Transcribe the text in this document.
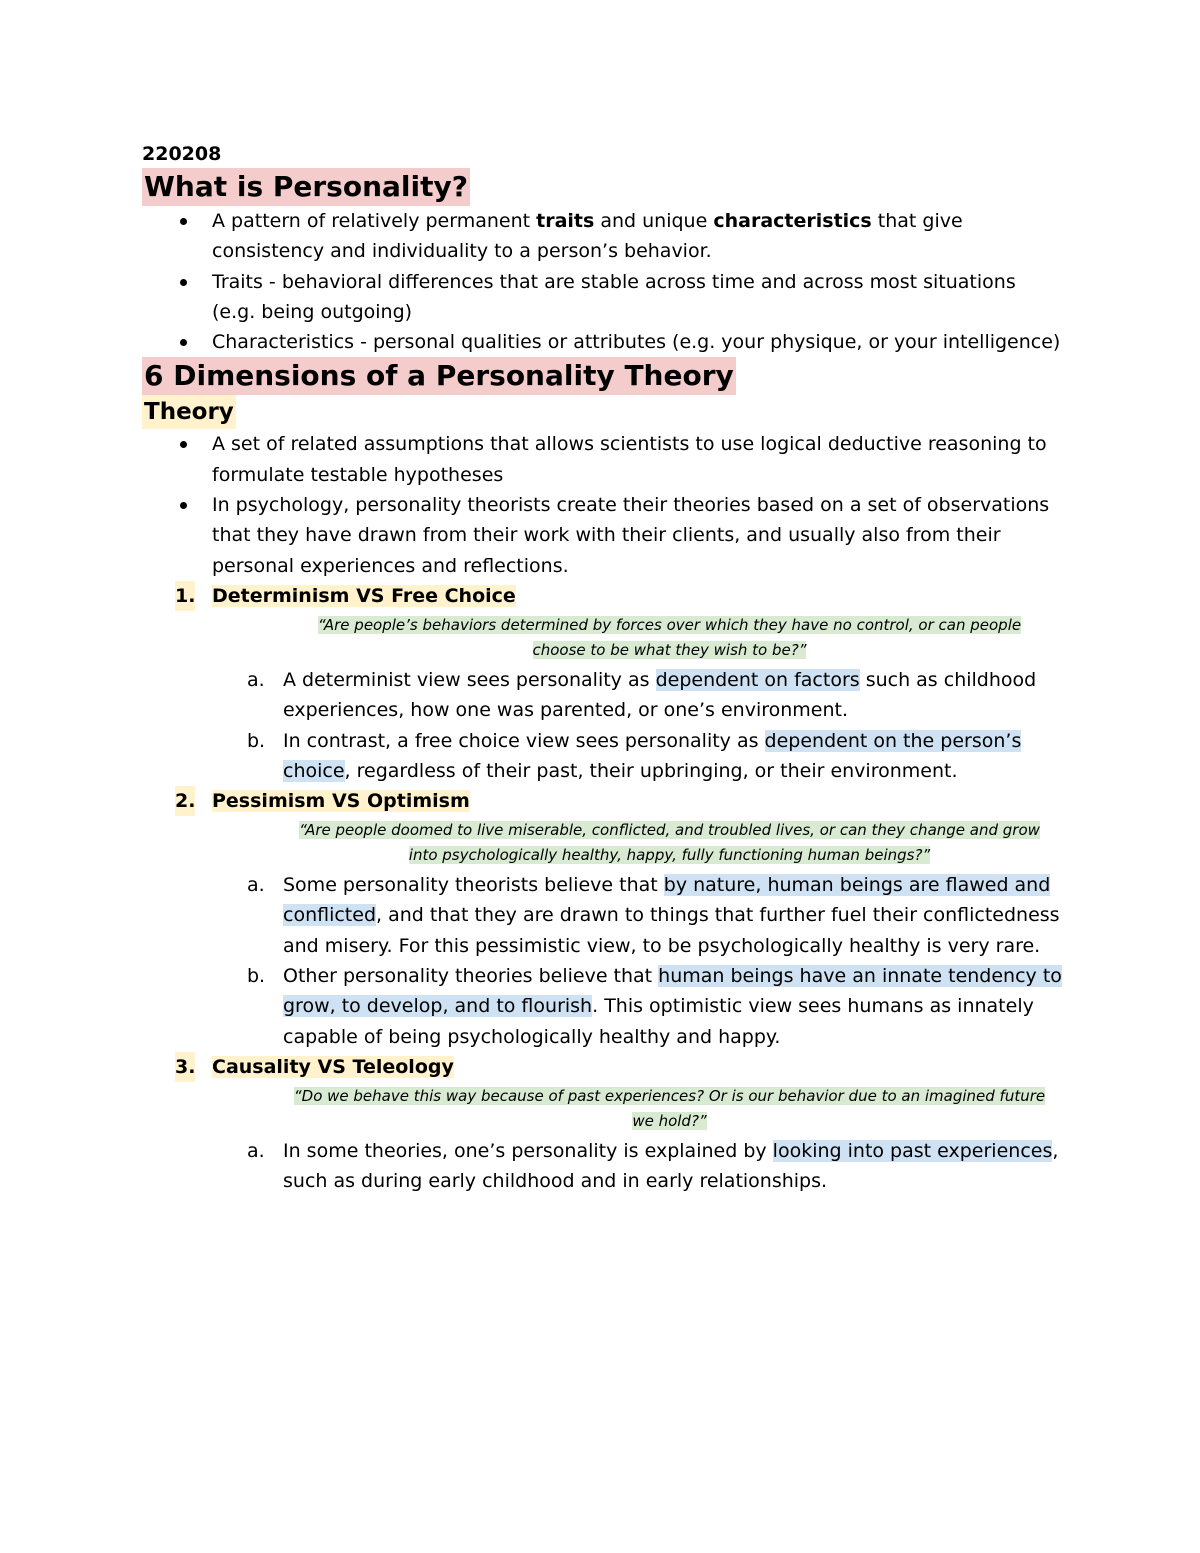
220208
What is Personality?
A pattern of relatively permanent traits and unique characteristics that give consistency and individuality to a person’s behavior.
Traits - behavioral differences that are stable across time and across most situations (e.g. being outgoing)
Characteristics - personal qualities or attributes (e.g. your physique, or your intelligence)
6 Dimensions of a Personality Theory
Theory
A set of related assumptions that allows scientists to use logical deductive reasoning to formulate testable hypotheses
In psychology, personality theorists create their theories based on a set of observations that they have drawn from their work with their clients, and usually also from their personal experiences and reflections.
1. Determinism VS Free Choice
“Are people’s behaviors determined by forces over which they have no control, or can people choose to be what they wish to be?”
a. A determinist view sees personality as dependent on factors such as childhood experiences, how one was parented, or one’s environment.
b. In contrast, a free choice view sees personality as dependent on the person’s choice, regardless of their past, their upbringing, or their environment.
2. Pessimism VS Optimism
“Are people doomed to live miserable, conflicted, and troubled lives, or can they change and grow into psychologically healthy, happy, fully functioning human beings?”
a. Some personality theorists believe that by nature, human beings are flawed and conflicted, and that they are drawn to things that further fuel their conflictedness and misery. For this pessimistic view, to be psychologically healthy is very rare.
b. Other personality theories believe that human beings have an innate tendency to grow, to develop, and to flourish. This optimistic view sees humans as innately capable of being psychologically healthy and happy.
3. Causality VS Teleology
“Do we behave this way because of past experiences? Or is our behavior due to an imagined future we hold?”
a. In some theories, one’s personality is explained by looking into past experiences, such as during early childhood and in early relationships.
